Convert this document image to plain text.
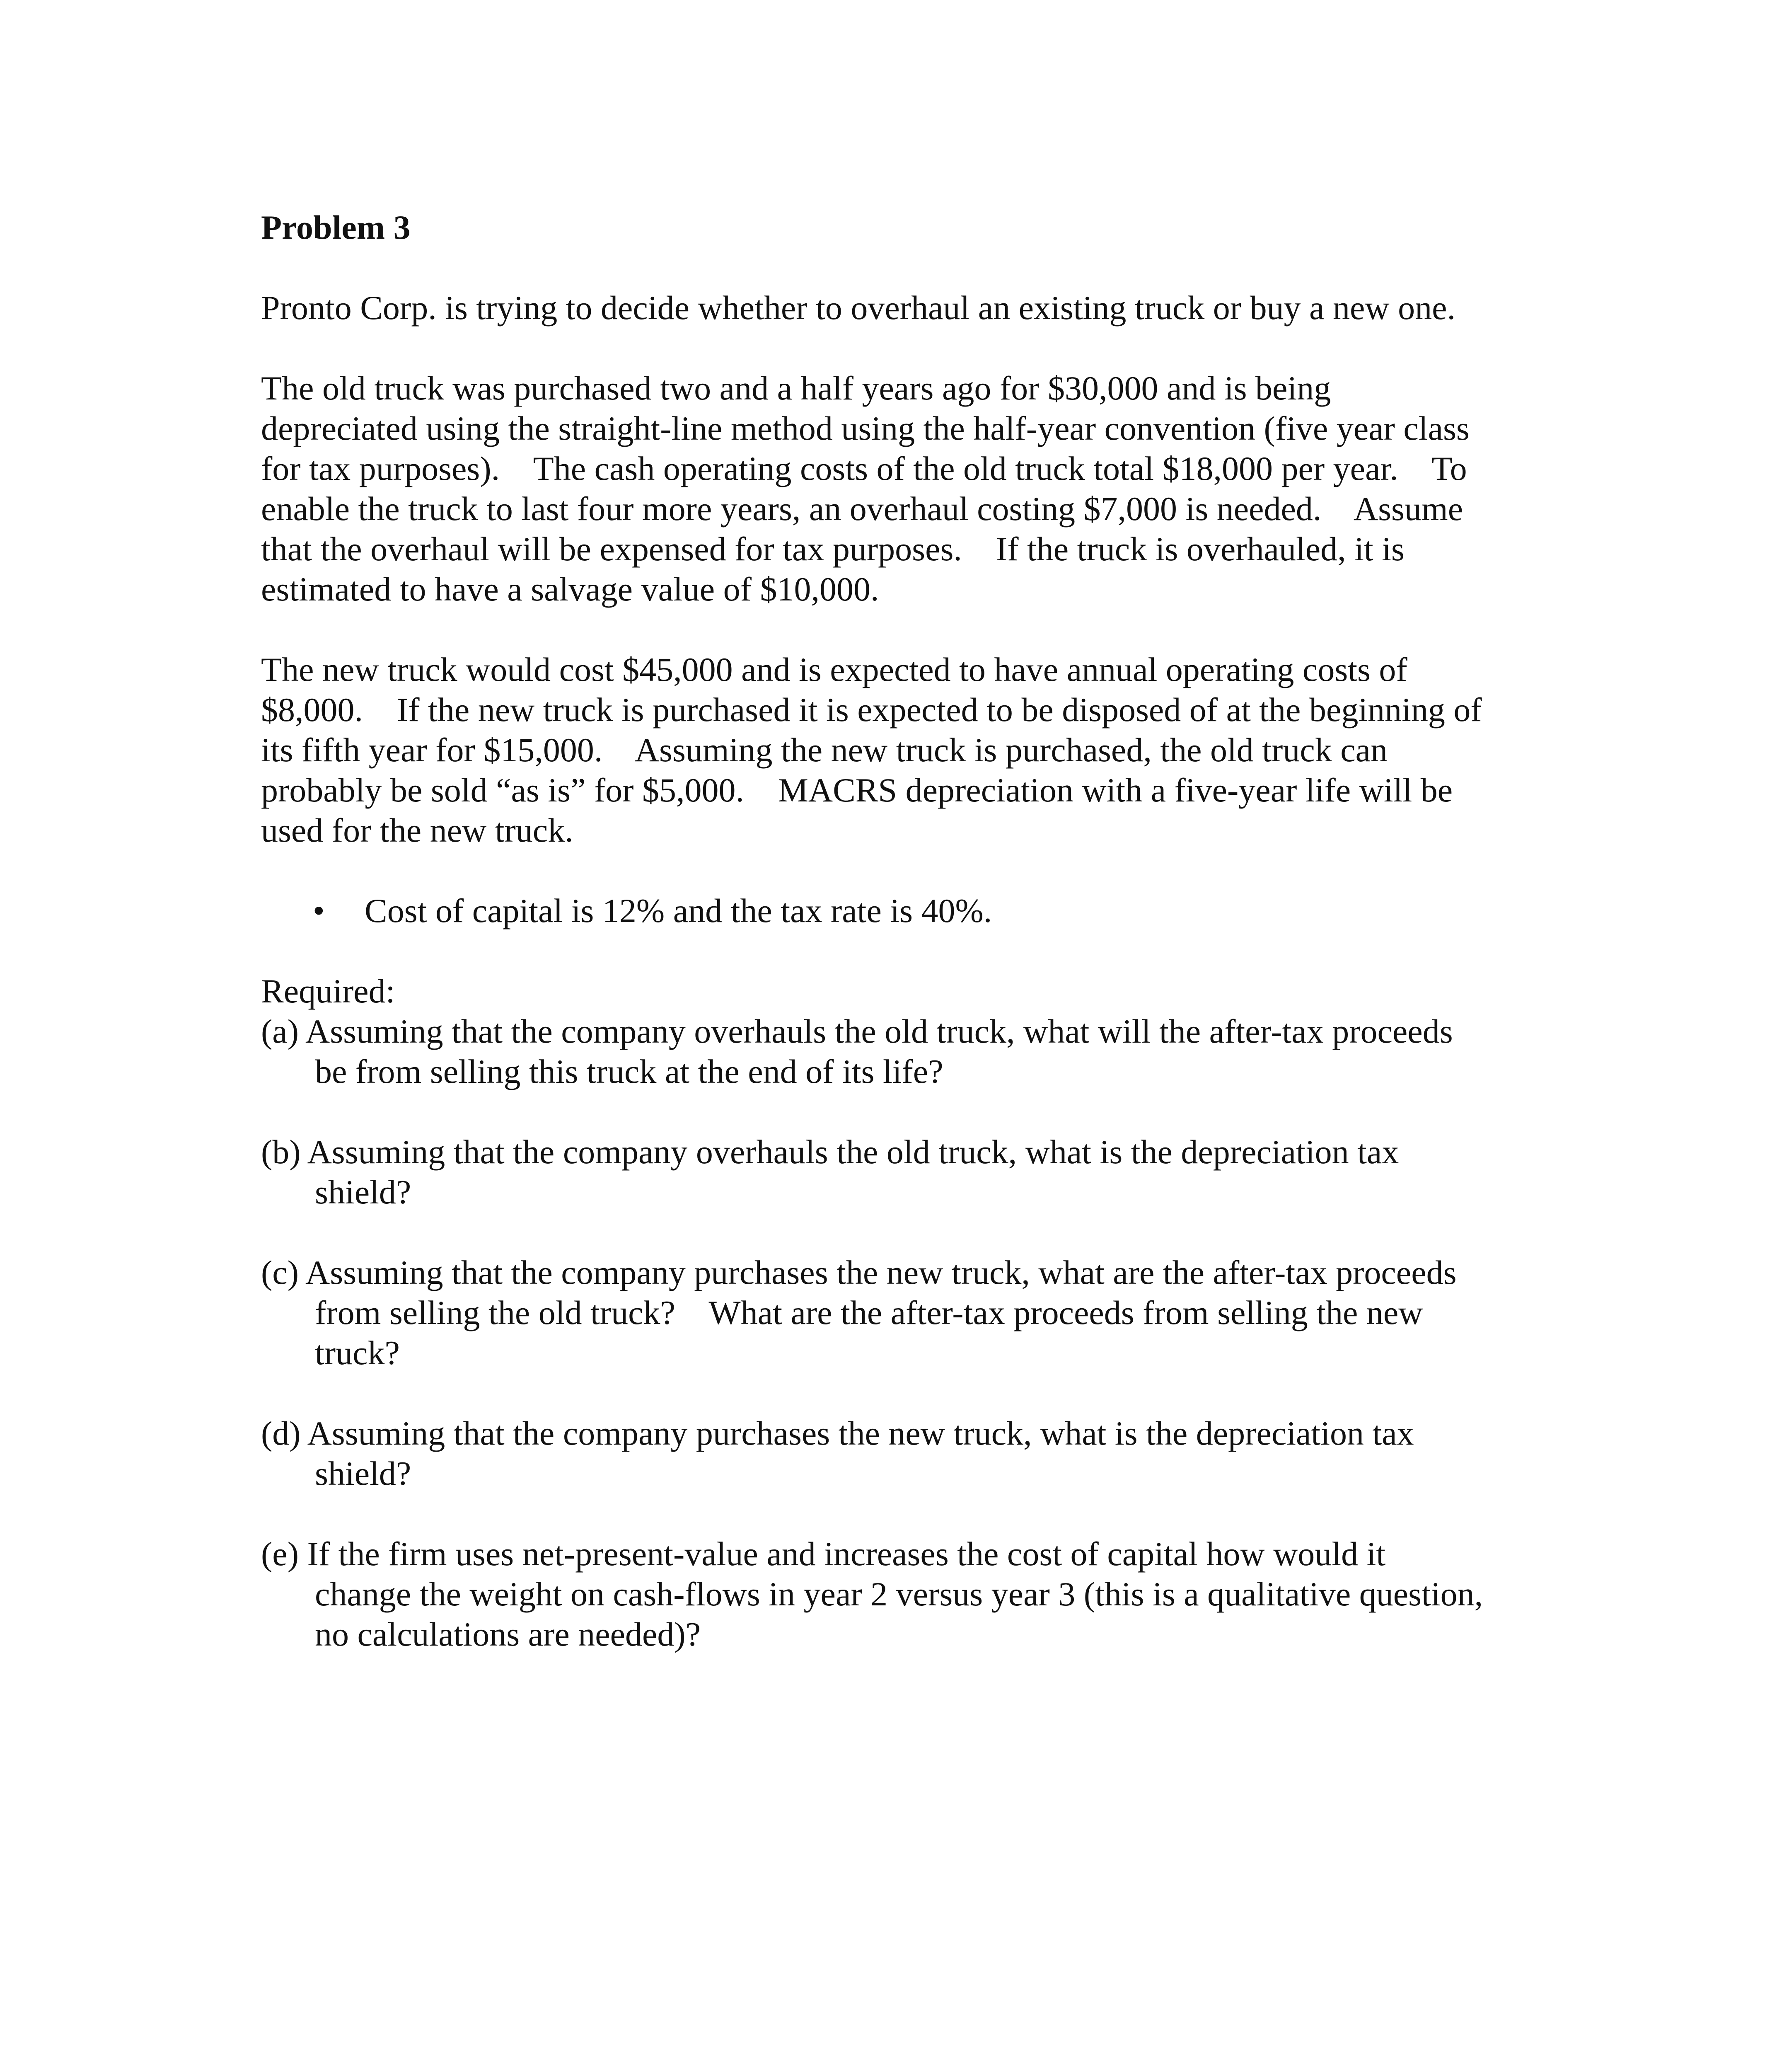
Problem 3

Pronto Corp. is trying to decide whether to overhaul an existing truck or buy a new one.

The old truck was purchased two and a half years ago for $30,000 and is being
depreciated using the straight-line method using the half-year convention (five year class
for tax purposes).    The cash operating costs of the old truck total $18,000 per year.    To
enable the truck to last four more years, an overhaul costing $7,000 is needed.    Assume
that the overhaul will be expensed for tax purposes.    If the truck is overhauled, it is
estimated to have a salvage value of $10,000.

The new truck would cost $45,000 and is expected to have annual operating costs of
$8,000.    If the new truck is purchased it is expected to be disposed of at the beginning of
its fifth year for $15,000.    Assuming the new truck is purchased, the old truck can
probably be sold “as is” for $5,000.    MACRS depreciation with a five-year life will be
used for the new truck.

• Cost of capital is 12% and the tax rate is 40%.
Required:
(a) Assuming that the company overhauls the old truck, what will the after-tax proceeds
be from selling this truck at the end of its life?
(b) Assuming that the company overhauls the old truck, what is the depreciation tax
shield?
(c) Assuming that the company purchases the new truck, what are the after-tax proceeds
from selling the old truck?    What are the after-tax proceeds from selling the new
truck?
(d) Assuming that the company purchases the new truck, what is the depreciation tax
shield?
(e) If the firm uses net-present-value and increases the cost of capital how would it
change the weight on cash-flows in year 2 versus year 3 (this is a qualitative question,
no calculations are needed)?
